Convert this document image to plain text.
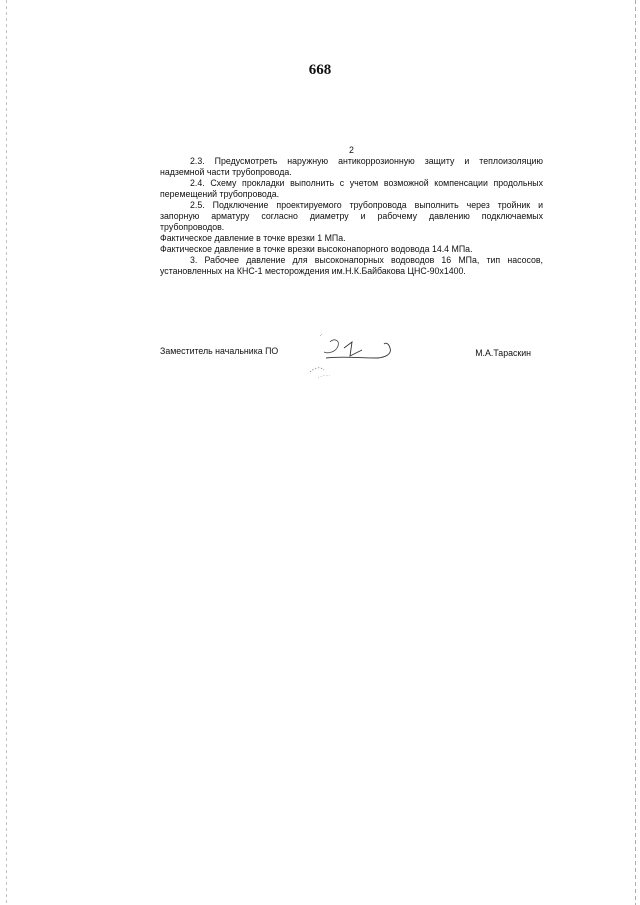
668
2

2.3. Предусмотреть наружную антикоррозионную защиту и теплоизоляцию надземной части трубопровода.

2.4. Схему прокладки выполнить с учетом возможной компенсации продольных перемещений трубопровода.

2.5. Подключение проектируемого трубопровода выполнить через тройник и запорную арматуру согласно диаметру и рабочему давлению подключаемых трубопроводов.

Фактическое давление в точке врезки 1 МПа.

Фактическое давление в точке врезки высоконапорного водовода 14.4 МПа.

3. Рабочее давление для высоконапорных водоводов 16 МПа, тип насосов, установленных на КНС-1 месторождения им.Н.К.Байбакова ЦНС-90х1400.

Заместитель начальника ПО	М.А.Тараскин
